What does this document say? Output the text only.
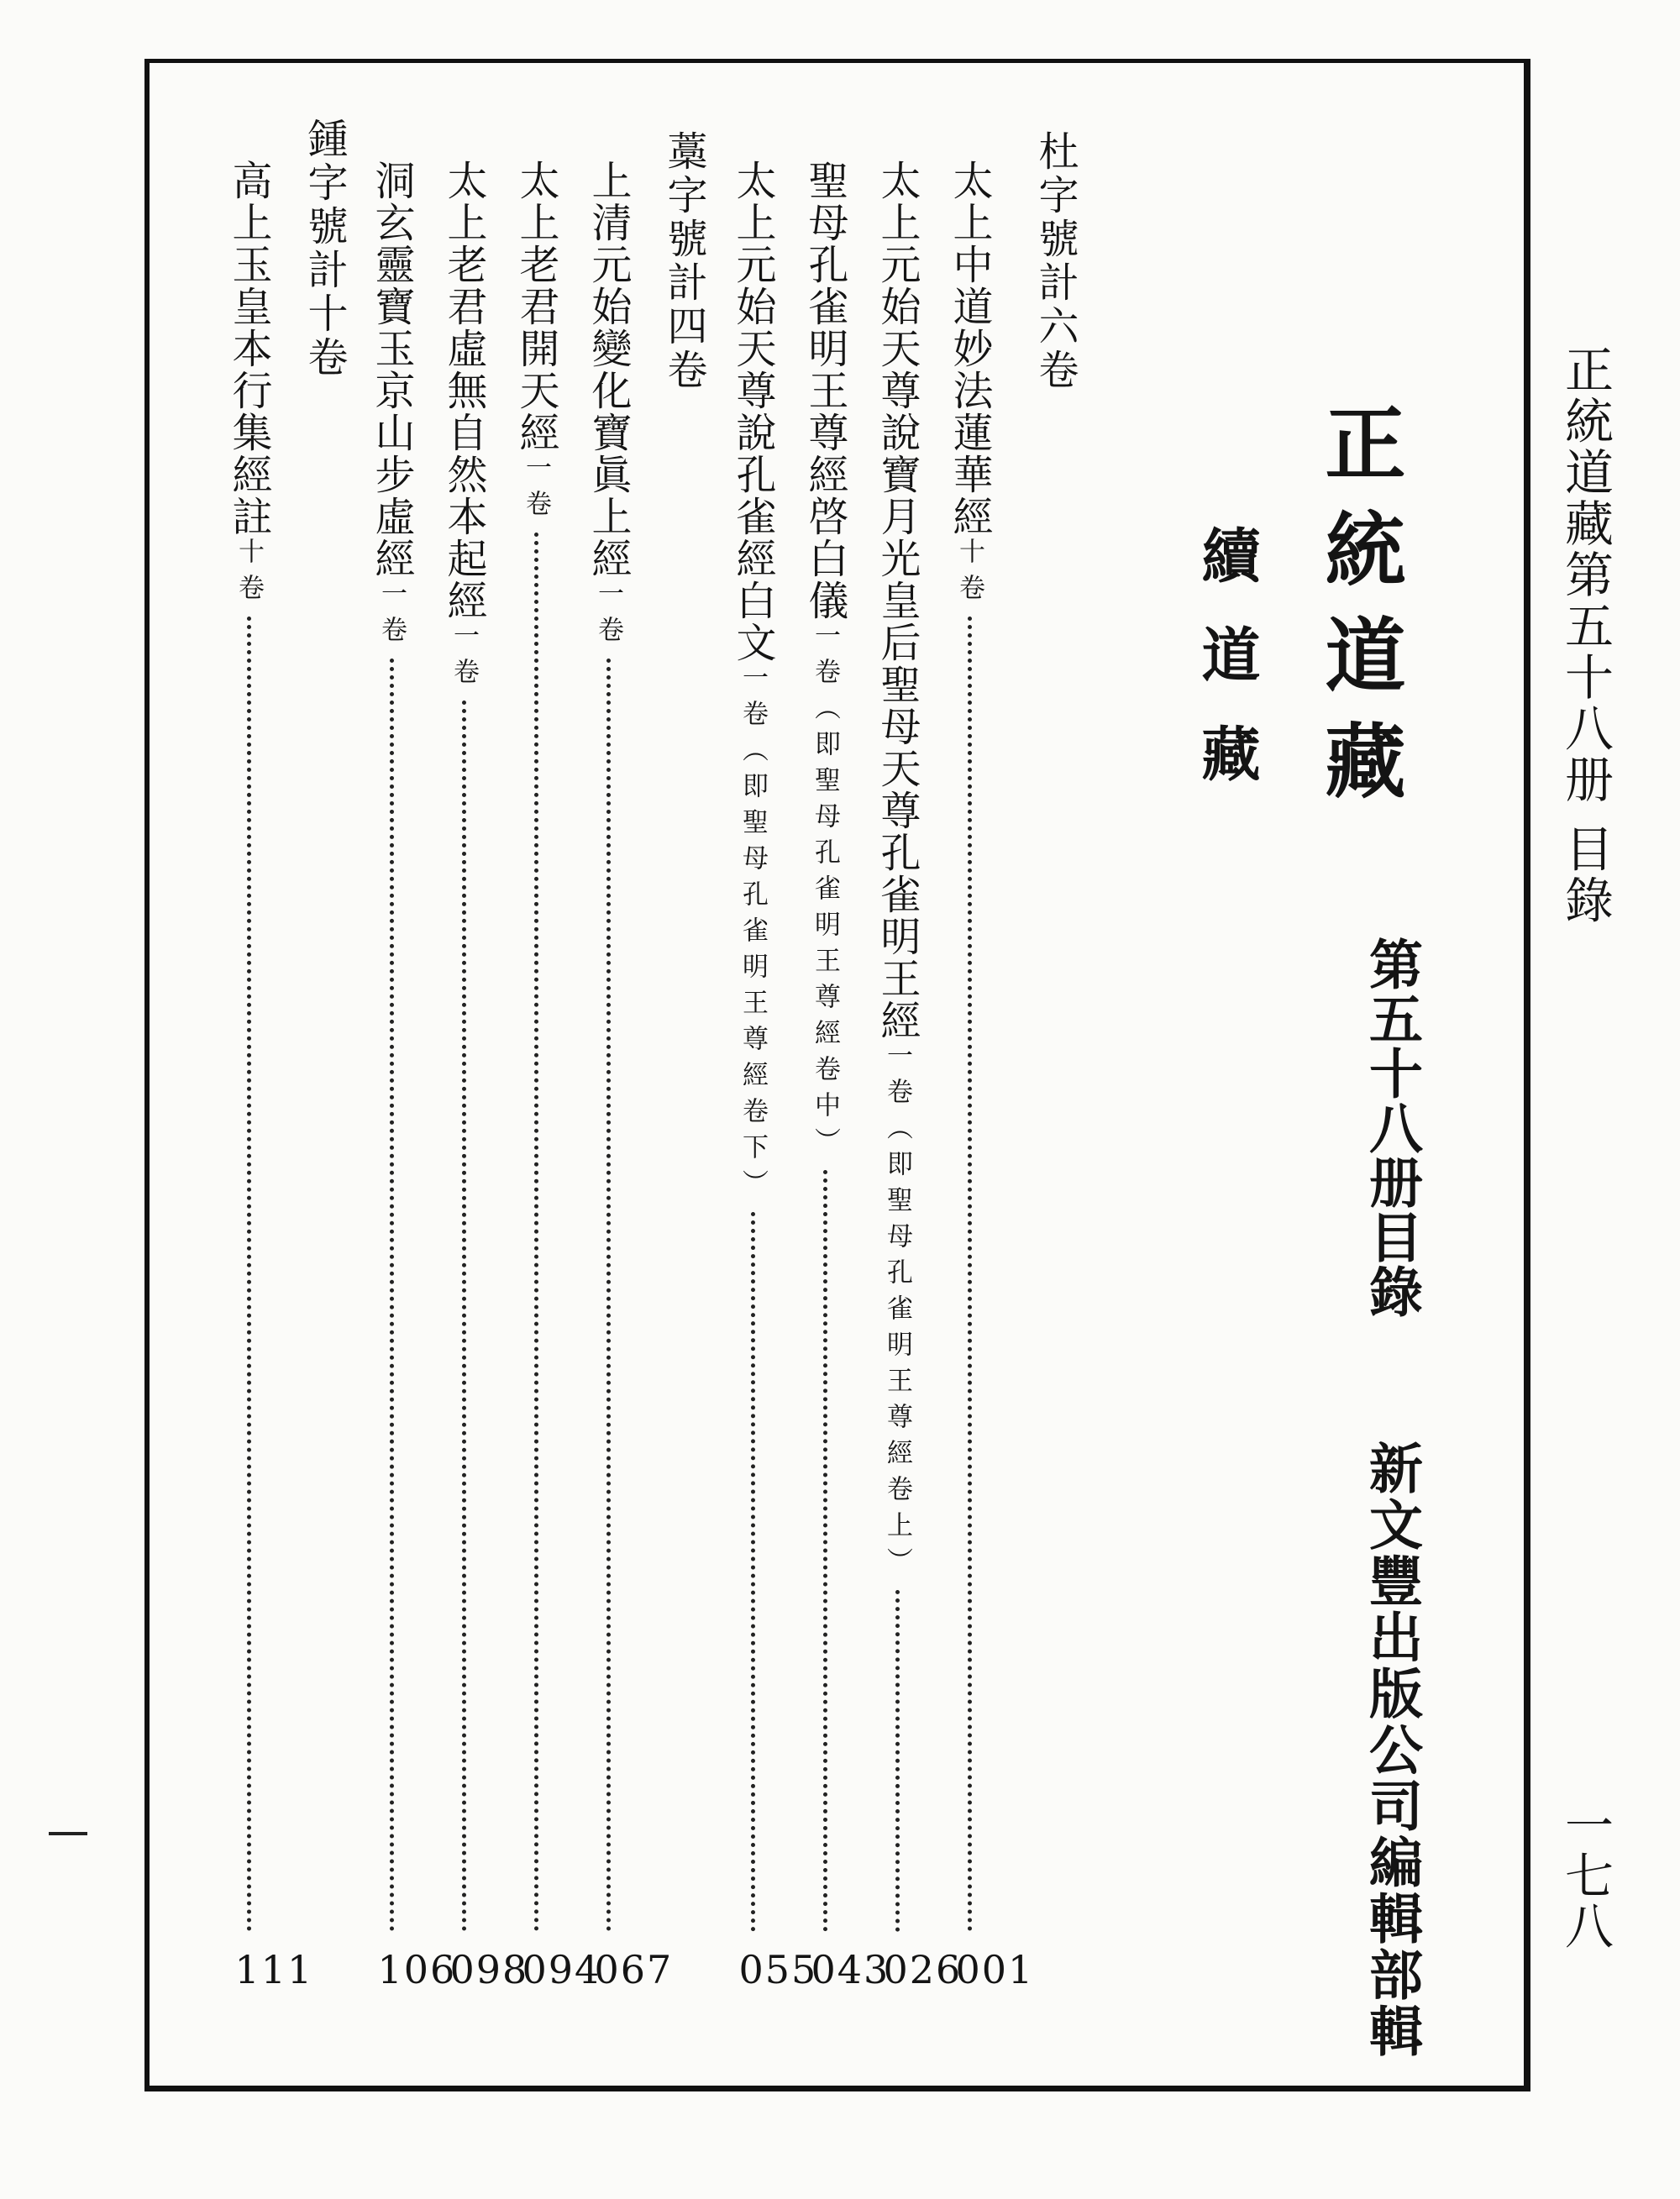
正統道藏第五十八册 目錄
一七八
正統道藏
續道藏
第五十八册目錄
新文豐出版公司編輯部輯
杜字號計六卷
太上中道妙法蓮華經
十卷
001
太上元始天尊說寶月光皇后聖母天尊孔雀明王經
一卷（即聖母孔雀明王尊經卷上）
026
聖母孔雀明王尊經啓白儀
一卷（即聖母孔雀明王尊經卷中）
043
太上元始天尊說孔雀經白文
一卷（即聖母孔雀明王尊經卷下）
055
藁字號計四卷
上清元始變化寶眞上經
一卷
067
太上老君開天經
一卷
094
太上老君虛無自然本起經
一卷
098
洞玄靈寶玉京山步虛經
一卷
106
鍾字號計十卷
高上玉皇本行集經註
十卷
111
